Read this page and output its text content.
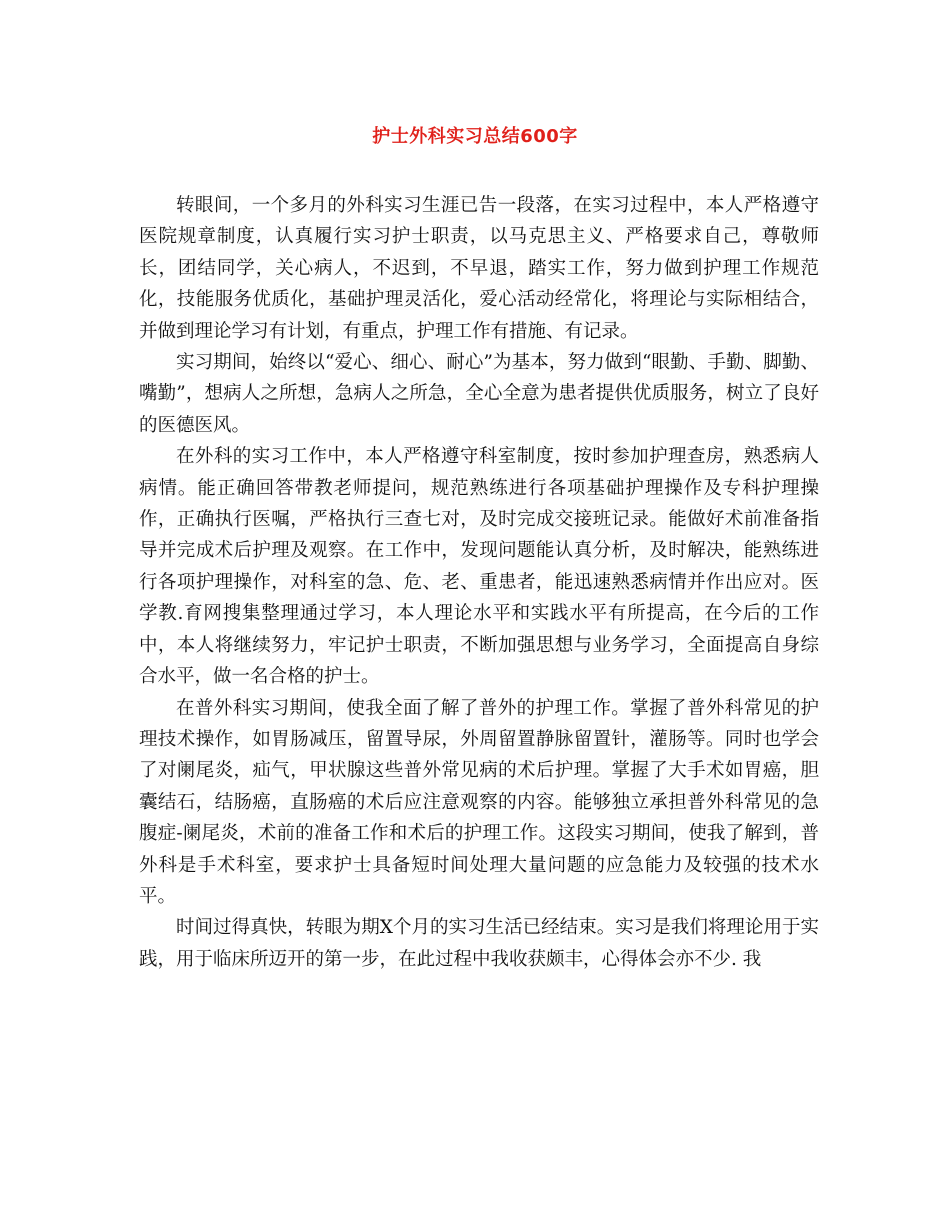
护士外科实习总结600字

转眼间，一个多月的外科实习生涯已告一段落，在实习过程中，本人严格遵守医院规章制度，认真履行实习护士职责，以马克思主义、严格要求自己，尊敬师长，团结同学，关心病人，不迟到，不早退，踏实工作，努力做到护理工作规范化，技能服务优质化，基础护理灵活化，爱心活动经常化，将理论与实际相结合，并做到理论学习有计划，有重点，护理工作有措施、有记录。

实习期间，始终以“爱心、细心、耐心”为基本，努力做到“眼勤、手勤、脚勤、嘴勤”，想病人之所想，急病人之所急，全心全意为患者提供优质服务，树立了良好的医德医风。

在外科的实习工作中，本人严格遵守科室制度，按时参加护理查房，熟悉病人病情。能正确回答带教老师提问，规范熟练进行各项基础护理操作及专科护理操作，正确执行医嘱，严格执行三查七对，及时完成交接班记录。能做好术前准备指导并完成术后护理及观察。在工作中，发现问题能认真分析，及时解决，能熟练进行各项护理操作，对科室的急、危、老、重患者，能迅速熟悉病情并作出应对。医学教.育网搜集整理通过学习，本人理论水平和实践水平有所提高，在今后的工作中，本人将继续努力，牢记护士职责，不断加强思想与业务学习，全面提高自身综合水平，做一名合格的护士。

在普外科实习期间，使我全面了解了普外的护理工作。掌握了普外科常见的护理技术操作，如胃肠减压，留置导尿，外周留置静脉留置针，灌肠等。同时也学会了对阑尾炎，疝气，甲状腺这些普外常见病的术后护理。掌握了大手术如胃癌，胆囊结石，结肠癌，直肠癌的术后应注意观察的内容。能够独立承担普外科常见的急腹症-阑尾炎，术前的准备工作和术后的护理工作。这段实习期间，使我了解到，普外科是手术科室，要求护士具备短时间处理大量问题的应急能力及较强的技术水平。

时间过得真快，转眼为期X个月的实习生活已经结束。实习是我们将理论用于实践，用于临床所迈开的第一步，在此过程中我收获颇丰，心得体会亦不少. 我
